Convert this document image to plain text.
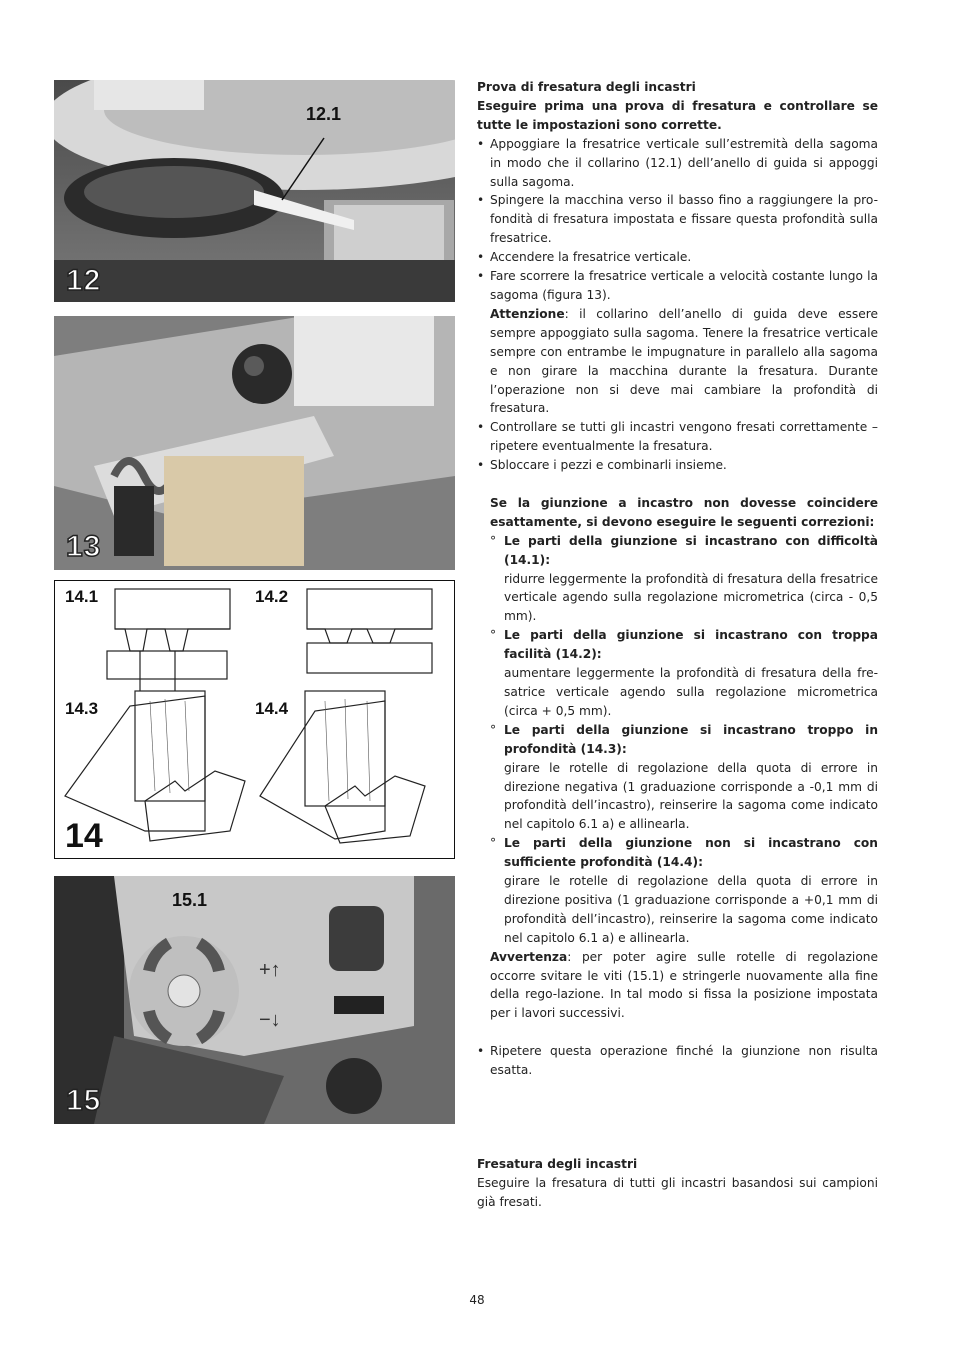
12.1
12
13
14.1	14.2
14.3	14.4
14
+↑
−↓
15.1
15

Prova di fresatura degli incastri

Eseguire prima una prova di fresatura e controllare se tutte le impostazioni sono corrette.

• Appoggiare la fresatrice verticale sull’estremità della sagoma in modo che il collarino (12.1) dell’anello di guida si appoggi sulla sagoma.
• Spingere la macchina verso il basso fino a raggiungere la pro-fondità di fresatura impostata e fissare questa profondità sulla fresatrice.
• Accendere la fresatrice verticale.
• Fare scorrere la fresatrice verticale a velocità costante lungo la sagoma (figura 13).

Attenzione: il collarino dell’anello di guida deve essere sempre appoggiato sulla sagoma. Tenere la fresatrice verticale sempre con entrambe le impugnature in parallelo alla sagoma e non girare la macchina durante la fresatura. Durante l’operazione non si deve mai cambiare la profondità di fresatura.

• Controllare se tutti gli incastri vengono fresati correttamente – ripetere eventualmente la fresatura.
• Sbloccare i pezzi e combinarli insieme.

Se la giunzione a incastro non dovesse coincidere esattamente, si devono eseguire le seguenti correzioni:

° Le parti della giunzione si incastrano con difficoltà (14.1):
ridurre leggermente la profondità di fresatura della fresatrice verticale agendo sulla regolazione micrometrica (circa - 0,5 mm).
° Le parti della giunzione si incastrano con troppa facilità (14.2):
aumentare leggermente la profondità di fresatura della fre-satrice verticale agendo sulla regolazione micrometrica (circa + 0,5 mm).
° Le parti della giunzione si incastrano troppo in profondità (14.3):
girare le rotelle di regolazione della quota di errore in direzione negativa (1 graduazione corrisponde a -0,1 mm di profondità dell’incastro), reinserire la sagoma come indicato nel capitolo 6.1 a) e allinearla.
° Le parti della giunzione non si incastrano con sufficiente profondità (14.4):
girare le rotelle di regolazione della quota di errore in direzione positiva (1 graduazione corrisponde a +0,1 mm di profondità dell’incastro), reinserire la sagoma come indicato nel capitolo 6.1 a) e allinearla.

Avvertenza: per poter agire sulle rotelle di regolazione occorre svitare le viti (15.1) e stringerle nuovamente alla fine della rego-lazione. In tal modo si fissa la posizione impostata per i lavori successivi.

• Ripetere questa operazione finché la giunzione non risulta esatta.

Fresatura degli incastri

Eseguire la fresatura di tutti gli incastri basandosi sui campioni già fresati.

48
